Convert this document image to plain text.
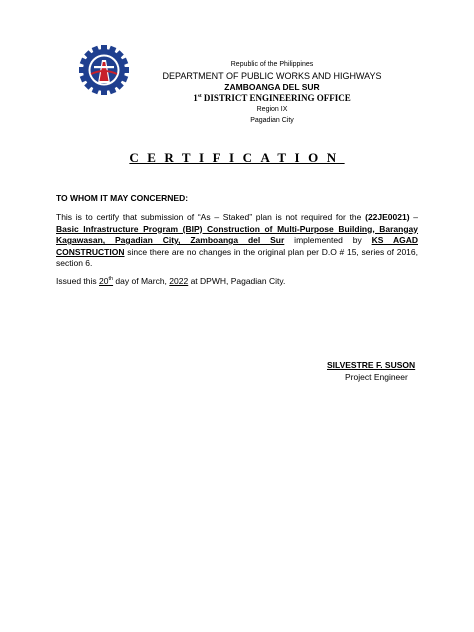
Republic of the Philippines
DEPARTMENT OF PUBLIC WORKS AND HIGHWAYS
ZAMBOANGA DEL SUR
1st DISTRICT ENGINEERING OFFICE
Region IX
Pagadian City
CERTIFICATION
TO WHOM IT MAY CONCERNED:
This is to certify that submission of “As – Staked” plan is not required for the (22JE0021) – Basic Infrastructure Program (BIP) Construction of Multi-Purpose Building, Barangay Kagawasan, Pagadian City, Zamboanga del Sur implemented by KS AGAD CONSTRUCTION since there are no changes in the original plan per D.O # 15, series of 2016, section 6.
Issued this 20th day of March, 2022 at DPWH, Pagadian City.
SILVESTRE F. SUSON
Project Engineer
